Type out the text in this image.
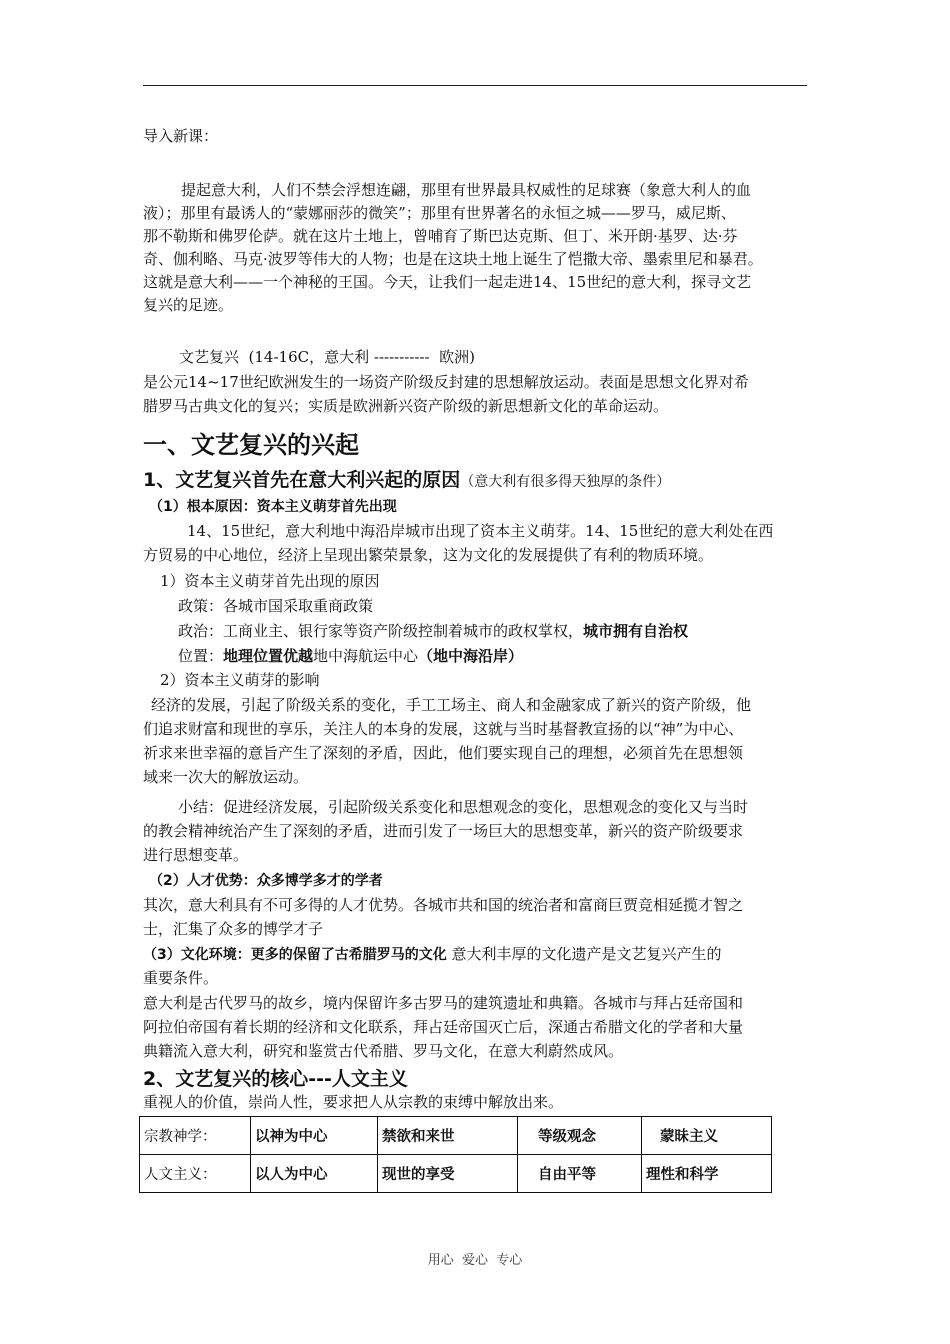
导入新课：
提起意大利，人们不禁会浮想连翩，那里有世界最具权威性的足球赛（象意大利人的血
液）；那里有最诱人的“蒙娜丽莎的微笑”；那里有世界著名的永恒之城——罗马，威尼斯、
那不勒斯和佛罗伦萨。就在这片土地上，曾哺育了斯巴达克斯、但丁、米开朗·基罗、达·芬
奇、伽利略、马克·波罗等伟大的人物；也是在这块土地上诞生了恺撒大帝、墨索里尼和暴君。
这就是意大利——一个神秘的王国。今天，让我们一起走进14、15世纪的意大利，探寻文艺
复兴的足迹。
文艺复兴  (14-16C，意大利 -----------  欧洲)
是公元14~17世纪欧洲发生的一场资产阶级反封建的思想解放运动。表面是思想文化界对希
腊罗马古典文化的复兴；实质是欧洲新兴资产阶级的新思想新文化的革命运动。
一、文艺复兴的兴起
1、文艺复兴首先在意大利兴起的原因（意大利有很多得天独厚的条件）
（1）根本原因：资本主义萌芽首先出现
14、15世纪，意大利地中海沿岸城市出现了资本主义萌芽。14、15世纪的意大利处在西
方贸易的中心地位，经济上呈现出繁荣景象，这为文化的发展提供了有利的物质环境。
1）资本主义萌芽首先出现的原因
政策：各城市国采取重商政策
政治：工商业主、银行家等资产阶级控制着城市的政权掌权，城市拥有自治权
位置：地理位置优越地中海航运中心（地中海沿岸）
2）资本主义萌芽的影响
经济的发展，引起了阶级关系的变化，手工工场主、商人和金融家成了新兴的资产阶级，他
们追求财富和现世的享乐，关注人的本身的发展，这就与当时基督教宣扬的以“神”为中心、
祈求来世幸福的意旨产生了深刻的矛盾，因此，他们要实现自己的理想，必须首先在思想领
域来一次大的解放运动。
小结：促进经济发展，引起阶级关系变化和思想观念的变化，思想观念的变化又与当时
的教会精神统治产生了深刻的矛盾，进而引发了一场巨大的思想变革，新兴的资产阶级要求
进行思想变革。
（2）人才优势：众多博学多才的学者
其次，意大利具有不可多得的人才优势。各城市共和国的统治者和富商巨贾竞相延揽才智之
士，汇集了众多的博学才子
（3）文化环境：更多的保留了古希腊罗马的文化 意大利丰厚的文化遗产是文艺复兴产生的
重要条件。
意大利是古代罗马的故乡，境内保留许多古罗马的建筑遗址和典籍。各城市与拜占廷帝国和
阿拉伯帝国有着长期的经济和文化联系，拜占廷帝国灭亡后，深通古希腊文化的学者和大量
典籍流入意大利，研究和鉴赏古代希腊、罗马文化，在意大利蔚然成风。
2、文艺复兴的核心---人文主义
重视人的价值，崇尚人性，要求把人从宗教的束缚中解放出来。
宗教神学：	以神为中心	禁欲和来世	等级观念	蒙昧主义
人文主义：	以人为中心	现世的享受	自由平等	理性和科学
用心  爱心  专心
